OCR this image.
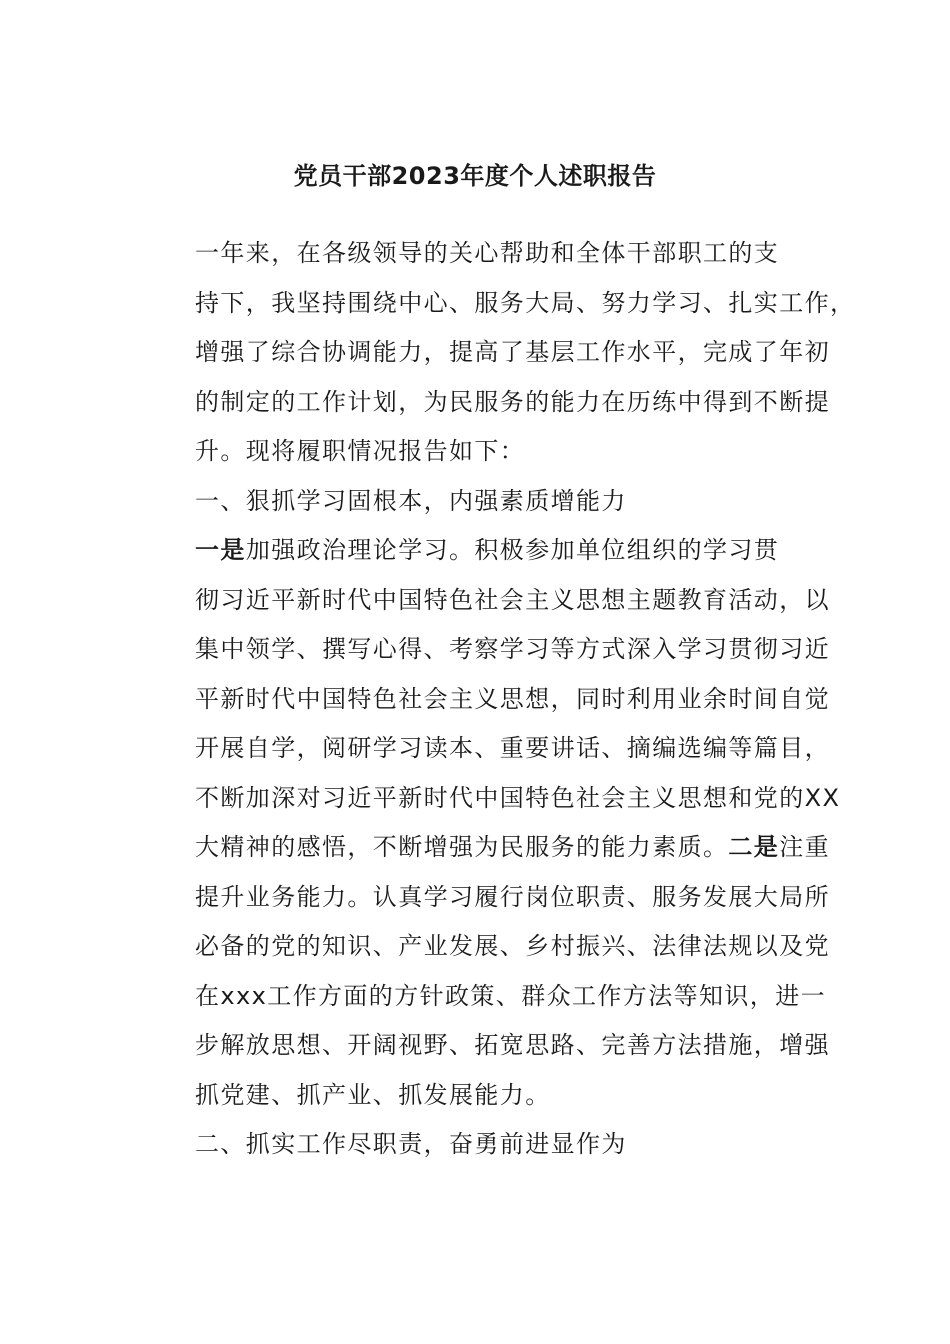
党员干部2023年度个人述职报告

一年来，在各级领导的关心帮助和全体干部职工的支
持下，我坚持围绕中心、服务大局、努力学习、扎实工作，
增强了综合协调能力，提高了基层工作水平，完成了年初
的制定的工作计划，为民服务的能力在历练中得到不断提
升。现将履职情况报告如下：

一、狠抓学习固根本，内强素质增能力

一是加强政治理论学习。积极参加单位组织的学习贯
彻习近平新时代中国特色社会主义思想主题教育活动，以
集中领学、撰写心得、考察学习等方式深入学习贯彻习近
平新时代中国特色社会主义思想，同时利用业余时间自觉
开展自学，阅研学习读本、重要讲话、摘编选编等篇目，
不断加深对习近平新时代中国特色社会主义思想和党的XX
大精神的感悟，不断增强为民服务的能力素质。二是注重
提升业务能力。认真学习履行岗位职责、服务发展大局所
必备的党的知识、产业发展、乡村振兴、法律法规以及党
在xxx工作方面的方针政策、群众工作方法等知识，进一
步解放思想、开阔视野、拓宽思路、完善方法措施，增强
抓党建、抓产业、抓发展能力。

二、抓实工作尽职责，奋勇前进显作为
